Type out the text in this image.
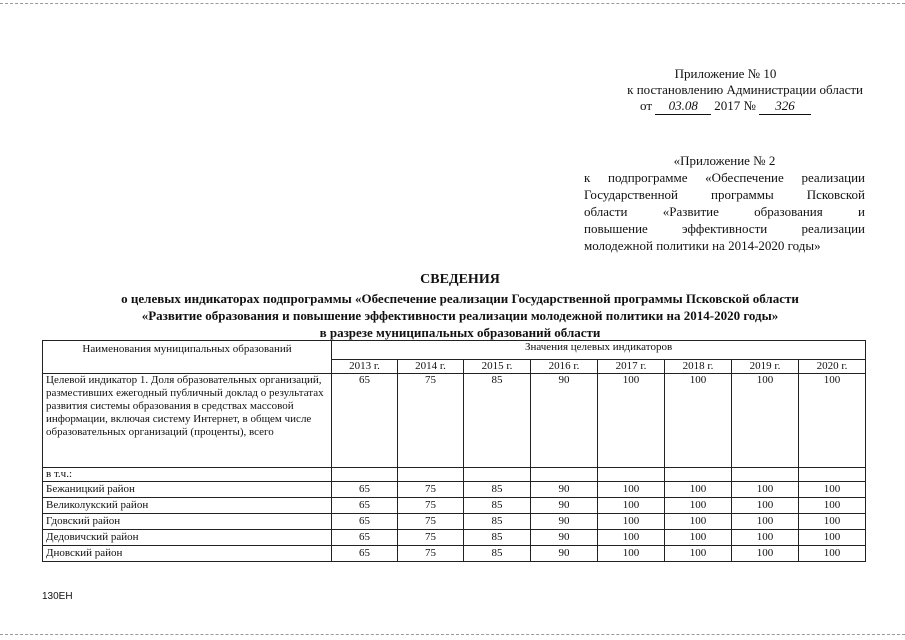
Приложение № 10
к постановлению Администрации области
от 03.08 2017 № 326
«Приложение № 2
к подпрограмме «Обеспечение реализации
Государственной программы Псковской
области «Развитие образования и
повышение эффективности реализации
молодежной политики на 2014-2020 годы»
СВЕДЕНИЯ
о целевых индикаторах подпрограммы «Обеспечение реализации Государственной программы Псковской области
«Развитие образования и повышение эффективности реализации молодежной политики на 2014-2020 годы»
в разрезе муниципальных образований области
Наименования муниципальных образований	Значения целевых индикаторов							
	2013 г.	2014 г.	2015 г.	2016 г.	2017 г.	2018 г.	2019 г.	2020 г.
Целевой индикатор 1. Доля образовательных организаций, разместивших ежегодный публичный доклад о результатах развития системы образования в средствах массовой информации, включая систему Интернет, в общем числе образовательных организаций (проценты), всего	65	75	85	90	100	100	100	100
в т.ч.:								
Бежаницкий район	65	75	85	90	100	100	100	100
Великолукский район	65	75	85	90	100	100	100	100
Гдовский район	65	75	85	90	100	100	100	100
Дедовичский район	65	75	85	90	100	100	100	100
Дновский район	65	75	85	90	100	100	100	100
130ЕН
